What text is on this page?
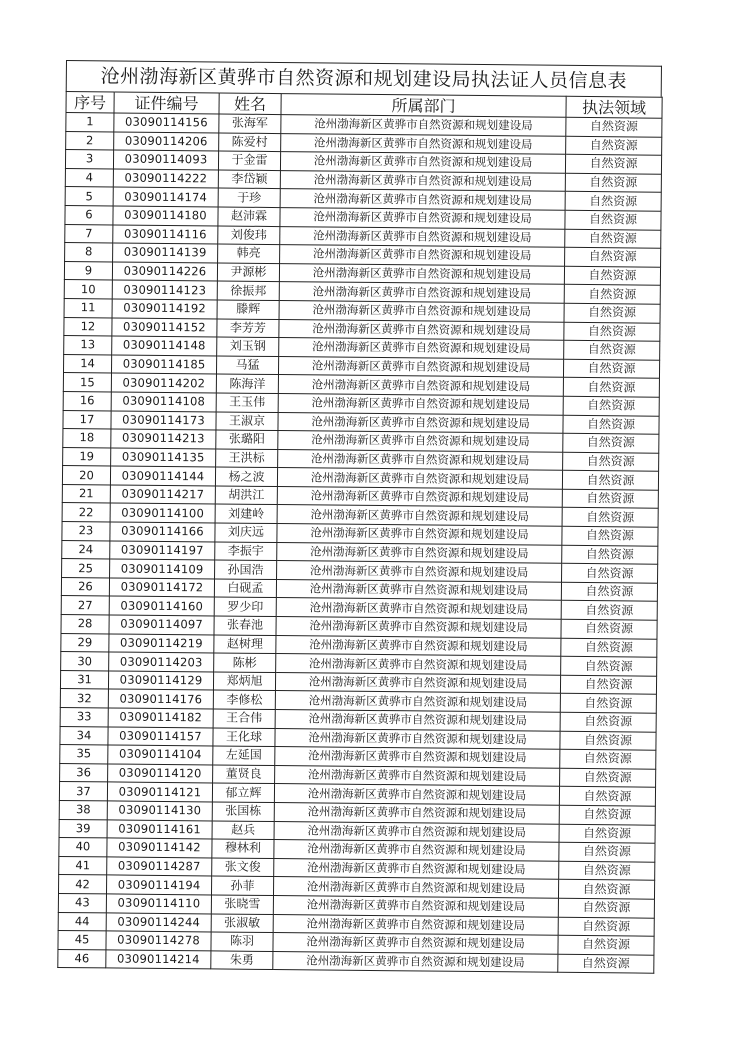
沧州渤海新区黄骅市自然资源和规划建设局执法证人员信息表
序号	证件编号	姓名	所属部门	执法领域
1	03090114156	张海军	沧州渤海新区黄骅市自然资源和规划建设局	自然资源
2	03090114206	陈爱村	沧州渤海新区黄骅市自然资源和规划建设局	自然资源
3	03090114093	于金雷	沧州渤海新区黄骅市自然资源和规划建设局	自然资源
4	03090114222	李岱颖	沧州渤海新区黄骅市自然资源和规划建设局	自然资源
5	03090114174	于珍	沧州渤海新区黄骅市自然资源和规划建设局	自然资源
6	03090114180	赵沛霖	沧州渤海新区黄骅市自然资源和规划建设局	自然资源
7	03090114116	刘俊玮	沧州渤海新区黄骅市自然资源和规划建设局	自然资源
8	03090114139	韩亮	沧州渤海新区黄骅市自然资源和规划建设局	自然资源
9	03090114226	尹源彬	沧州渤海新区黄骅市自然资源和规划建设局	自然资源
10	03090114123	徐振邦	沧州渤海新区黄骅市自然资源和规划建设局	自然资源
11	03090114192	滕辉	沧州渤海新区黄骅市自然资源和规划建设局	自然资源
12	03090114152	李芳芳	沧州渤海新区黄骅市自然资源和规划建设局	自然资源
13	03090114148	刘玉钢	沧州渤海新区黄骅市自然资源和规划建设局	自然资源
14	03090114185	马猛	沧州渤海新区黄骅市自然资源和规划建设局	自然资源
15	03090114202	陈海洋	沧州渤海新区黄骅市自然资源和规划建设局	自然资源
16	03090114108	王玉伟	沧州渤海新区黄骅市自然资源和规划建设局	自然资源
17	03090114173	王淑京	沧州渤海新区黄骅市自然资源和规划建设局	自然资源
18	03090114213	张璐阳	沧州渤海新区黄骅市自然资源和规划建设局	自然资源
19	03090114135	王洪标	沧州渤海新区黄骅市自然资源和规划建设局	自然资源
20	03090114144	杨之波	沧州渤海新区黄骅市自然资源和规划建设局	自然资源
21	03090114217	胡洪江	沧州渤海新区黄骅市自然资源和规划建设局	自然资源
22	03090114100	刘建岭	沧州渤海新区黄骅市自然资源和规划建设局	自然资源
23	03090114166	刘庆远	沧州渤海新区黄骅市自然资源和规划建设局	自然资源
24	03090114197	李振宇	沧州渤海新区黄骅市自然资源和规划建设局	自然资源
25	03090114109	孙国浩	沧州渤海新区黄骅市自然资源和规划建设局	自然资源
26	03090114172	白砚孟	沧州渤海新区黄骅市自然资源和规划建设局	自然资源
27	03090114160	罗少印	沧州渤海新区黄骅市自然资源和规划建设局	自然资源
28	03090114097	张春池	沧州渤海新区黄骅市自然资源和规划建设局	自然资源
29	03090114219	赵树理	沧州渤海新区黄骅市自然资源和规划建设局	自然资源
30	03090114203	陈彬	沧州渤海新区黄骅市自然资源和规划建设局	自然资源
31	03090114129	郑炳旭	沧州渤海新区黄骅市自然资源和规划建设局	自然资源
32	03090114176	李修松	沧州渤海新区黄骅市自然资源和规划建设局	自然资源
33	03090114182	王合伟	沧州渤海新区黄骅市自然资源和规划建设局	自然资源
34	03090114157	王化球	沧州渤海新区黄骅市自然资源和规划建设局	自然资源
35	03090114104	左延国	沧州渤海新区黄骅市自然资源和规划建设局	自然资源
36	03090114120	董贤良	沧州渤海新区黄骅市自然资源和规划建设局	自然资源
37	03090114121	郁立辉	沧州渤海新区黄骅市自然资源和规划建设局	自然资源
38	03090114130	张国栋	沧州渤海新区黄骅市自然资源和规划建设局	自然资源
39	03090114161	赵兵	沧州渤海新区黄骅市自然资源和规划建设局	自然资源
40	03090114142	穆林利	沧州渤海新区黄骅市自然资源和规划建设局	自然资源
41	03090114287	张文俊	沧州渤海新区黄骅市自然资源和规划建设局	自然资源
42	03090114194	孙菲	沧州渤海新区黄骅市自然资源和规划建设局	自然资源
43	03090114110	张晓雪	沧州渤海新区黄骅市自然资源和规划建设局	自然资源
44	03090114244	张淑敏	沧州渤海新区黄骅市自然资源和规划建设局	自然资源
45	03090114278	陈羽	沧州渤海新区黄骅市自然资源和规划建设局	自然资源
46	03090114214	朱勇	沧州渤海新区黄骅市自然资源和规划建设局	自然资源
